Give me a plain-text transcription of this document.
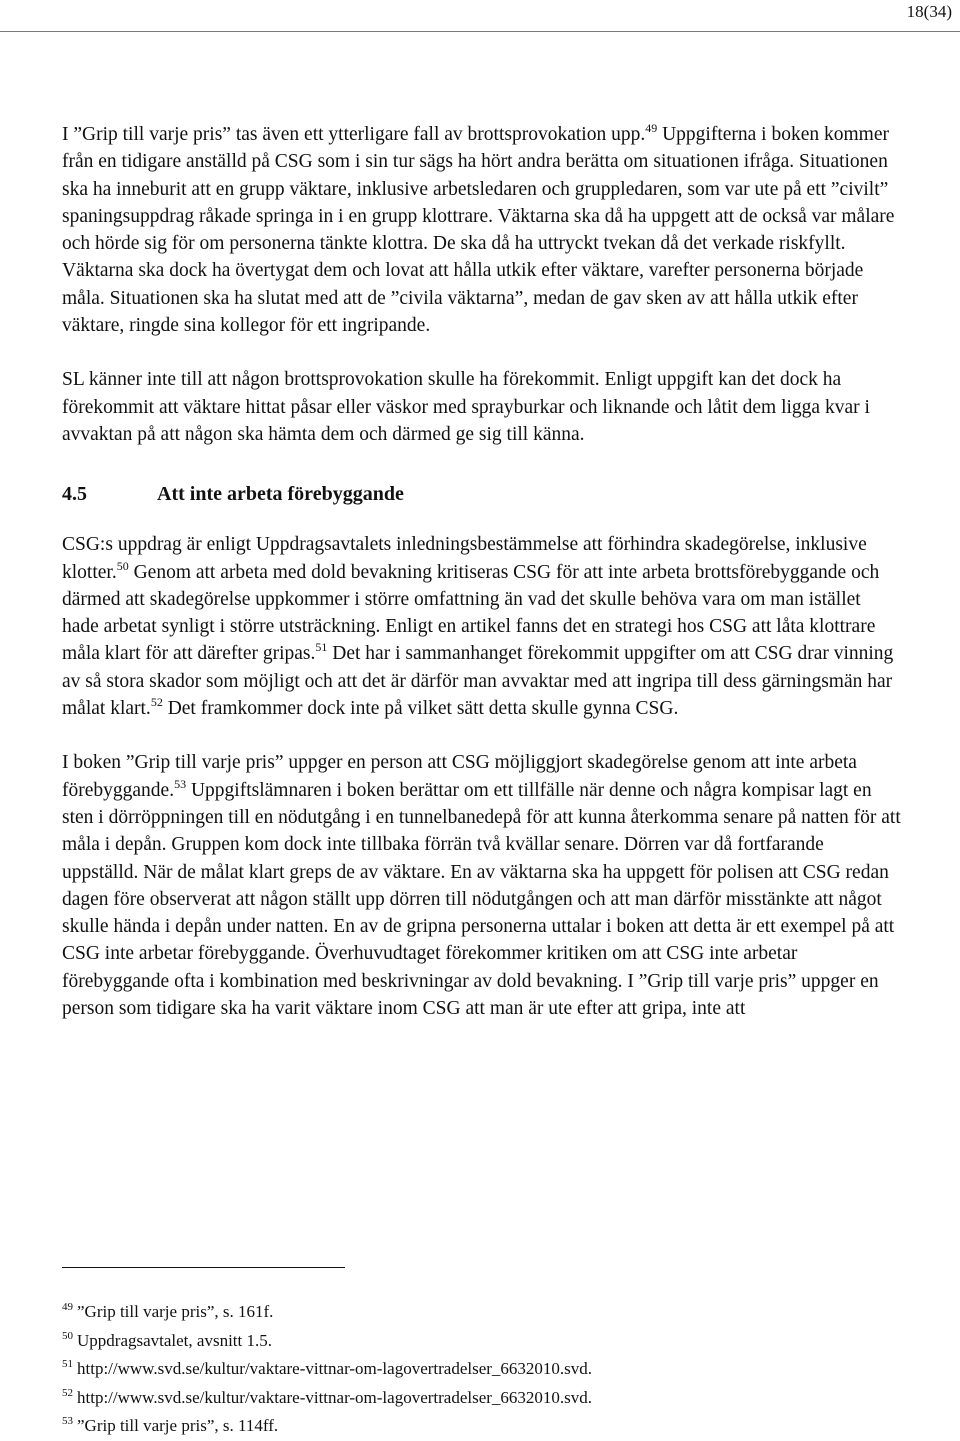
18(34)

I ”Grip till varje pris” tas även ett ytterligare fall av brottsprovokation upp.$^{49}$ Uppgifterna i boken kommer från en tidigare anställd på CSG som i sin tur sägs ha hört andra berätta om situationen ifråga. Situationen ska ha inneburit att en grupp väktare, inklusive arbetsledaren och gruppledaren, som var ute på ett ”civilt” spaningsuppdrag råkade springa in i en grupp klottrare. Väktarna ska då ha uppgett att de också var målare och hörde sig för om personerna tänkte klottra. De ska då ha uttryckt tvekan då det verkade riskfyllt. Väktarna ska dock ha övertygat dem och lovat att hålla utkik efter väktare, varefter personerna började måla. Situationen ska ha slutat med att de ”civila väktarna”, medan de gav sken av att hålla utkik efter väktare, ringde sina kollegor för ett ingripande.

SL känner inte till att någon brottsprovokation skulle ha förekommit. Enligt uppgift kan det dock ha förekommit att väktare hittat påsar eller väskor med sprayburkar och liknande och låtit dem ligga kvar i avvaktan på att någon ska hämta dem och därmed ge sig till känna.

4.5	Att inte arbeta förebyggande

CSG:s uppdrag är enligt Uppdragsavtalets inledningsbestämmelse att förhindra skadegörelse, inklusive klotter.$^{50}$ Genom att arbeta med dold bevakning kritiseras CSG för att inte arbeta brottsförebyggande och därmed att skadegörelse uppkommer i större omfattning än vad det skulle behöva vara om man istället hade arbetat synligt i större utsträckning. Enligt en artikel fanns det en strategi hos CSG att låta klottrare måla klart för att därefter gripas.$^{51}$ Det har i sammanhanget förekommit uppgifter om att CSG drar vinning av så stora skador som möjligt och att det är därför man avvaktar med att ingripa till dess gärningsmän har målat klart.$^{52}$ Det framkommer dock inte på vilket sätt detta skulle gynna CSG.

I boken ”Grip till varje pris” uppger en person att CSG möjliggjort skadegörelse genom att inte arbeta förebyggande.$^{53}$ Uppgiftslämnaren i boken berättar om ett tillfälle när denne och några kompisar lagt en sten i dörröppningen till en nödutgång i en tunnelbanedepå för att kunna återkomma senare på natten för att måla i depån. Gruppen kom dock inte tillbaka förrän två kvällar senare. Dörren var då fortfarande uppställd. När de målat klart greps de av väktare. En av väktarna ska ha uppgett för polisen att CSG redan dagen före observerat att någon ställt upp dörren till nödutgången och att man därför misstänkte att något skulle hända i depån under natten. En av de gripna personerna uttalar i boken att detta är ett exempel på att CSG inte arbetar förebyggande. Överhuvudtaget förekommer kritiken om att CSG inte arbetar förebyggande ofta i kombination med beskrivningar av dold bevakning. I ”Grip till varje pris” uppger en person som tidigare ska ha varit väktare inom CSG att man är ute efter att gripa, inte att

$^{49}$ ”Grip till varje pris”, s. 161f.

$^{50}$ Uppdragsavtalet, avsnitt 1.5.

$^{51}$ http://www.svd.se/kultur/vaktare-vittnar-om-lagovertradelser_6632010.svd.

$^{52}$ http://www.svd.se/kultur/vaktare-vittnar-om-lagovertradelser_6632010.svd.

$^{53}$ ”Grip till varje pris”, s. 114ff.
